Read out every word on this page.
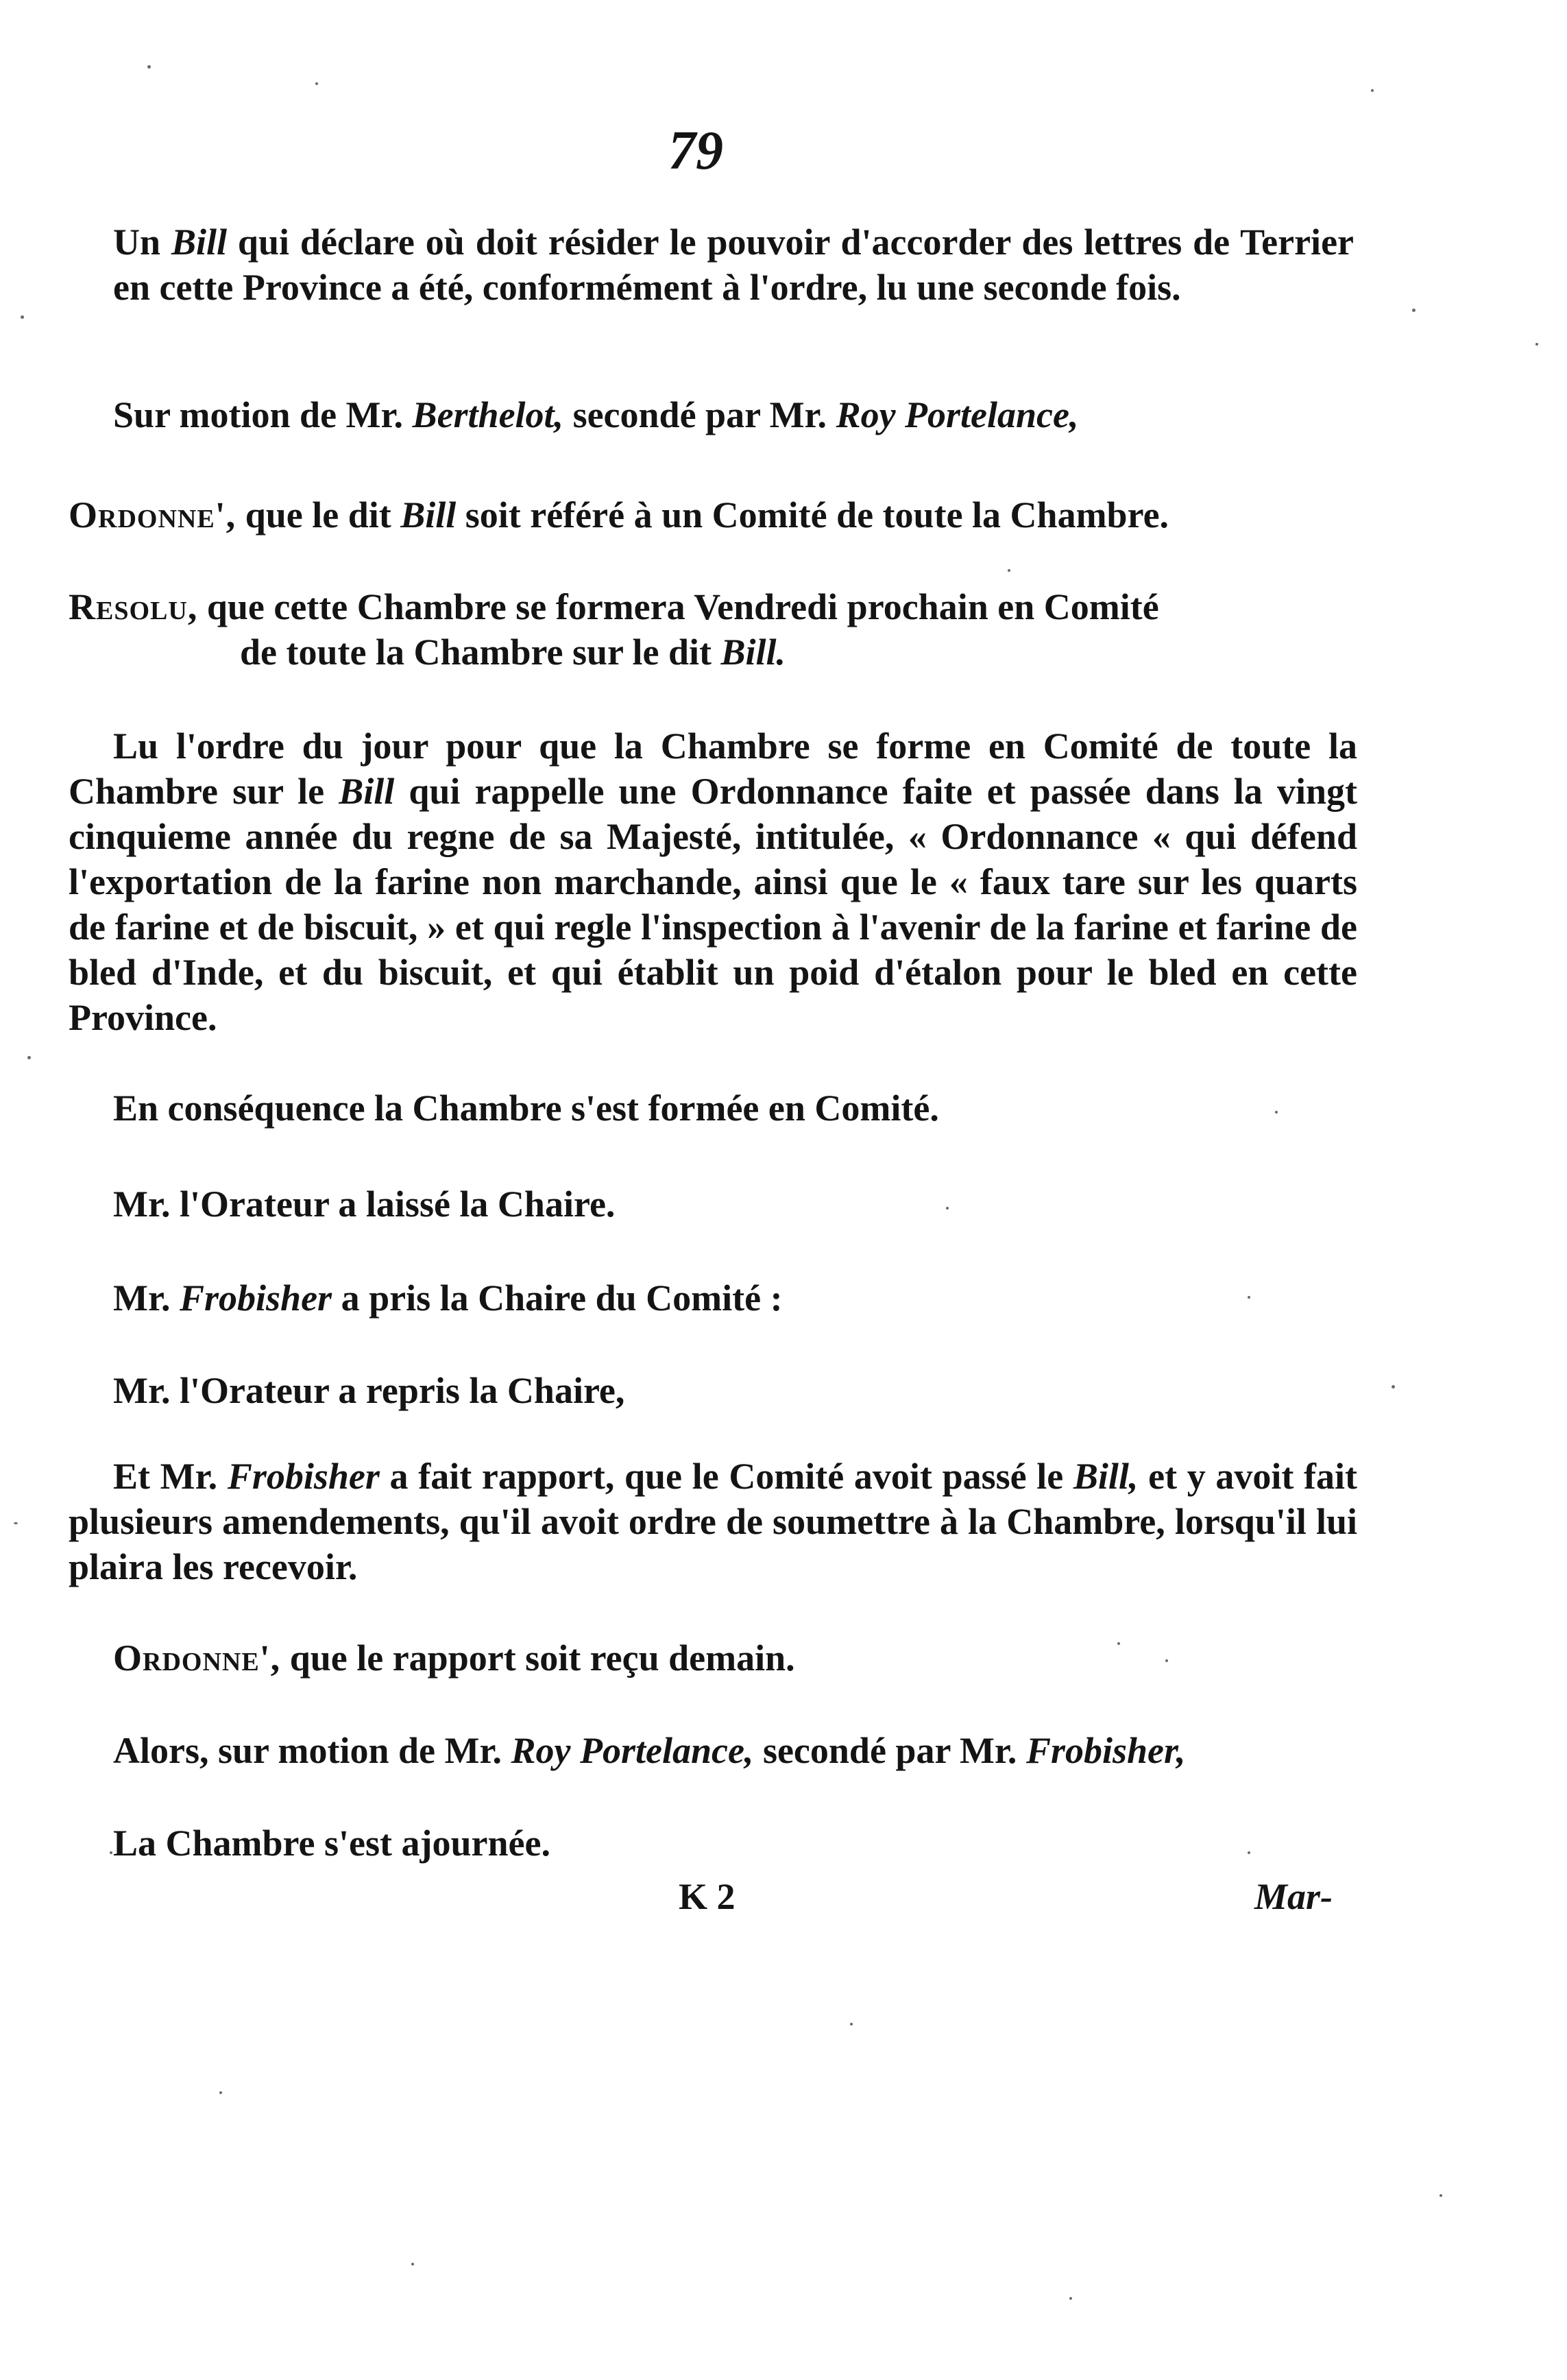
79
Un Bill qui déclare où doit résider le pouvoir d'accorder des lettres de Terrier en cette Province a été, conformément à l'ordre, lu une seconde fois.
Sur motion de Mr. Berthelot, secondé par Mr. Roy Portelance,
Ordonne', que le dit Bill soit référé à un Comité de toute la Chambre.
Resolu, que cette Chambre se formera Vendredi prochain en Comité
de toute la Chambre sur le dit Bill.
Lu l'ordre du jour pour que la Chambre se forme en Comité de toute la Chambre sur le Bill qui rappelle une Ordonnance faite et passée dans la vingt cinquieme année du regne de sa Majesté, intitulée, « Ordonnance « qui défend l'exportation de la farine non marchande, ainsi que le « faux tare sur les quarts de farine et de biscuit, » et qui regle l'inspection à l'avenir de la farine et farine de bled d'Inde, et du biscuit, et qui établit un poid d'étalon pour le bled en cette Province.
En conséquence la Chambre s'est formée en Comité.
Mr. l'Orateur a laissé la Chaire.
Mr. Frobisher a pris la Chaire du Comité :
Mr. l'Orateur a repris la Chaire,
Et Mr. Frobisher a fait rapport, que le Comité avoit passé le Bill, et y avoit fait plusieurs amendements, qu'il avoit ordre de soumettre à la Chambre, lorsqu'il lui plaira les recevoir.
Ordonne', que le rapport soit reçu demain.
Alors, sur motion de Mr. Roy Portelance, secondé par Mr. Frobisher,
La Chambre s'est ajournée.
K 2	Mar-
